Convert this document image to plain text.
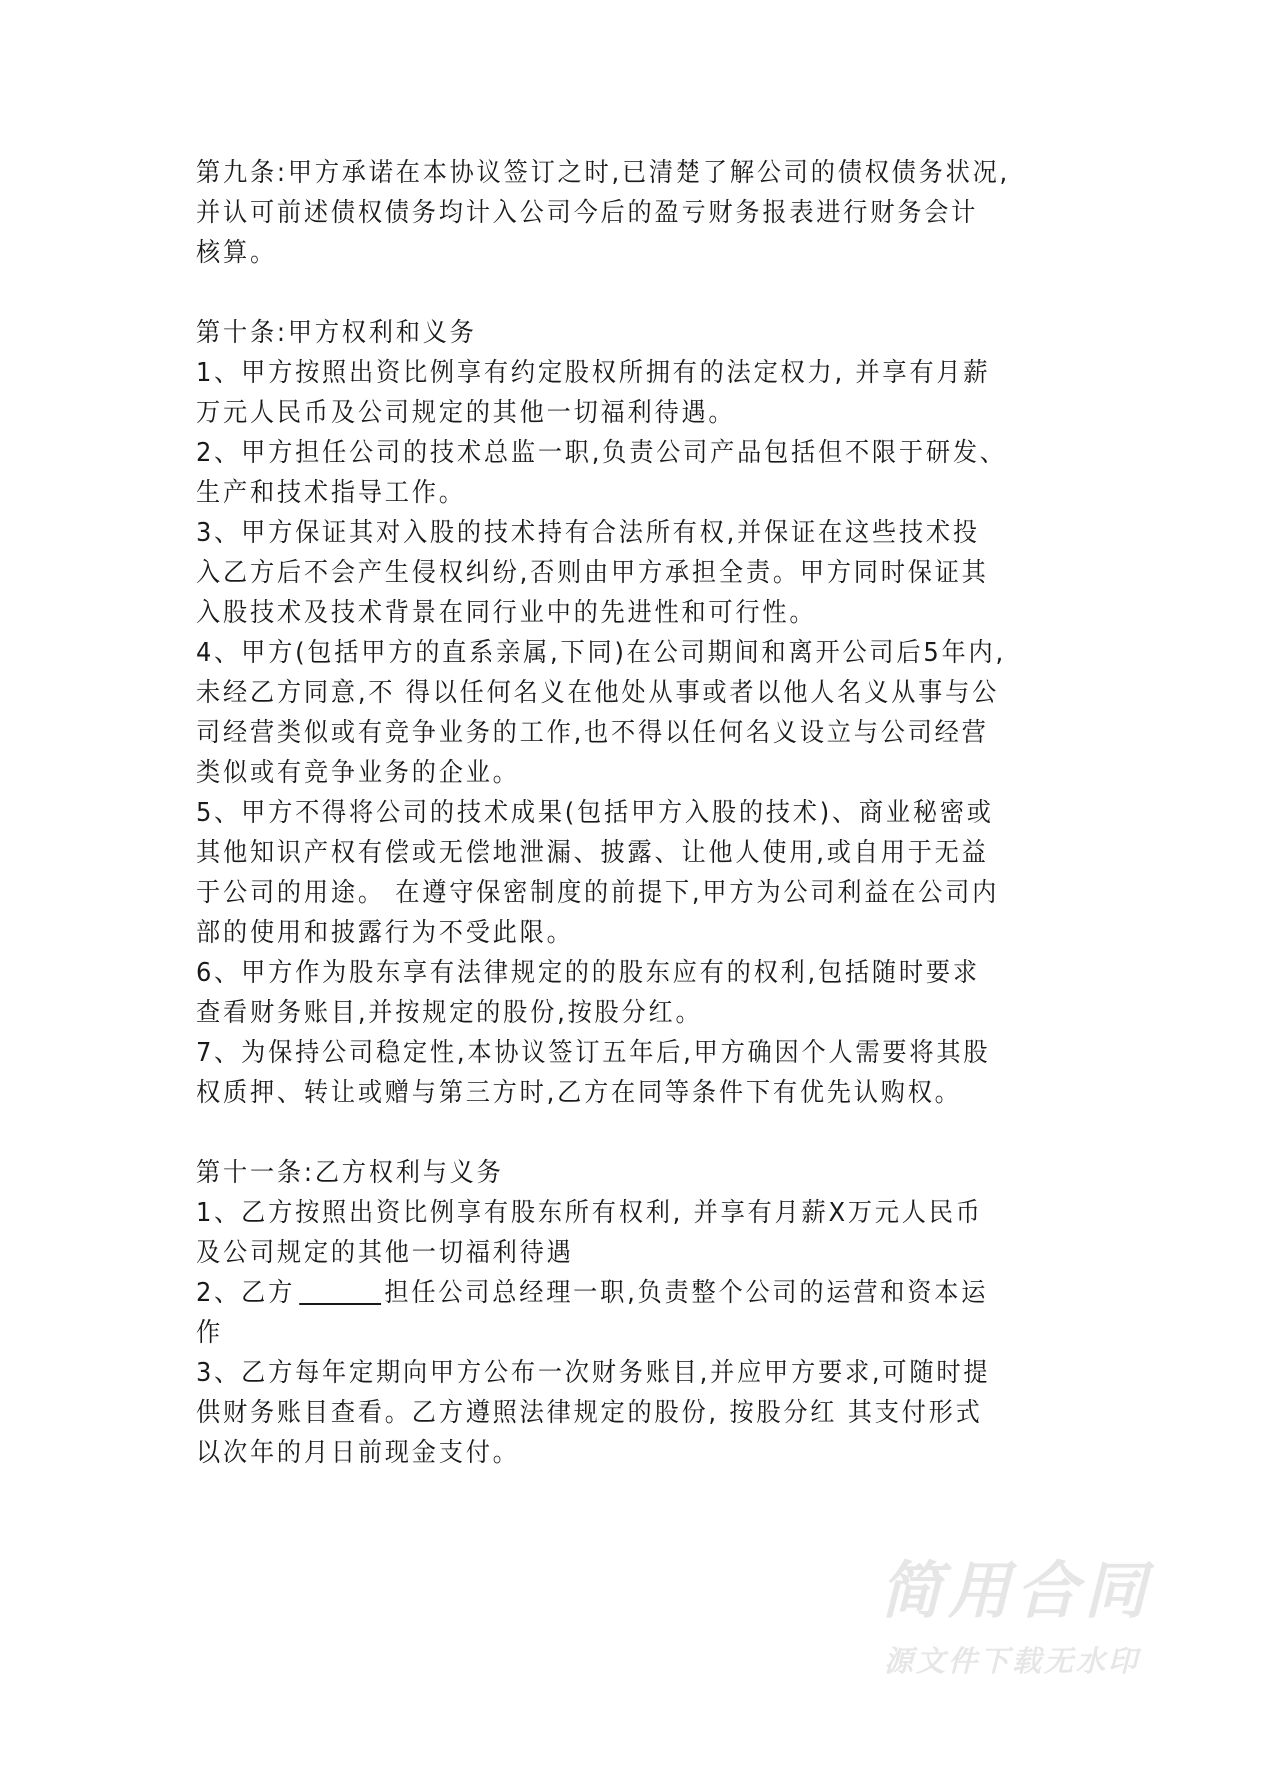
第九条:甲方承诺在本协议签订之时,已清楚了解公司的债权债务状况,
并认可前述债权债务均计入公司今后的盈亏财务报表进行财务会计
核算。
第十条:甲方权利和义务
1、甲方按照出资比例享有约定股权所拥有的法定权力, 并享有月薪
万元人民币及公司规定的其他一切福利待遇。
2、甲方担任公司的技术总监一职,负责公司产品包括但不限于研发、
生产和技术指导工作。
3、甲方保证其对入股的技术持有合法所有权,并保证在这些技术投
入乙方后不会产生侵权纠纷,否则由甲方承担全责。甲方同时保证其
入股技术及技术背景在同行业中的先进性和可行性。
4、甲方(包括甲方的直系亲属,下同)在公司期间和离开公司后5年内,
未经乙方同意,不 得以任何名义在他处从事或者以他人名义从事与公
司经营类似或有竞争业务的工作,也不得以任何名义设立与公司经营
类似或有竞争业务的企业。
5、甲方不得将公司的技术成果(包括甲方入股的技术)、商业秘密或
其他知识产权有偿或无偿地泄漏、披露、让他人使用,或自用于无益
于公司的用途。 在遵守保密制度的前提下,甲方为公司利益在公司内
部的使用和披露行为不受此限。
6、甲方作为股东享有法律规定的的股东应有的权利,包括随时要求
查看财务账目,并按规定的股份,按股分红。
7、为保持公司稳定性,本协议签订五年后,甲方确因个人需要将其股
权质押、转让或赠与第三方时,乙方在同等条件下有优先认购权。
第十一条:乙方权利与义务
1、乙方按照出资比例享有股东所有权利, 并享有月薪X万元人民币
及公司规定的其他一切福利待遇
2、乙方	担任公司总经理一职,负责整个公司的运营和资本运
作
3、乙方每年定期向甲方公布一次财务账目,并应甲方要求,可随时提
供财务账目查看。乙方遵照法律规定的股份, 按股分红 其支付形式
以次年的月日前现金支付。
简用合同
源文件下载无水印
